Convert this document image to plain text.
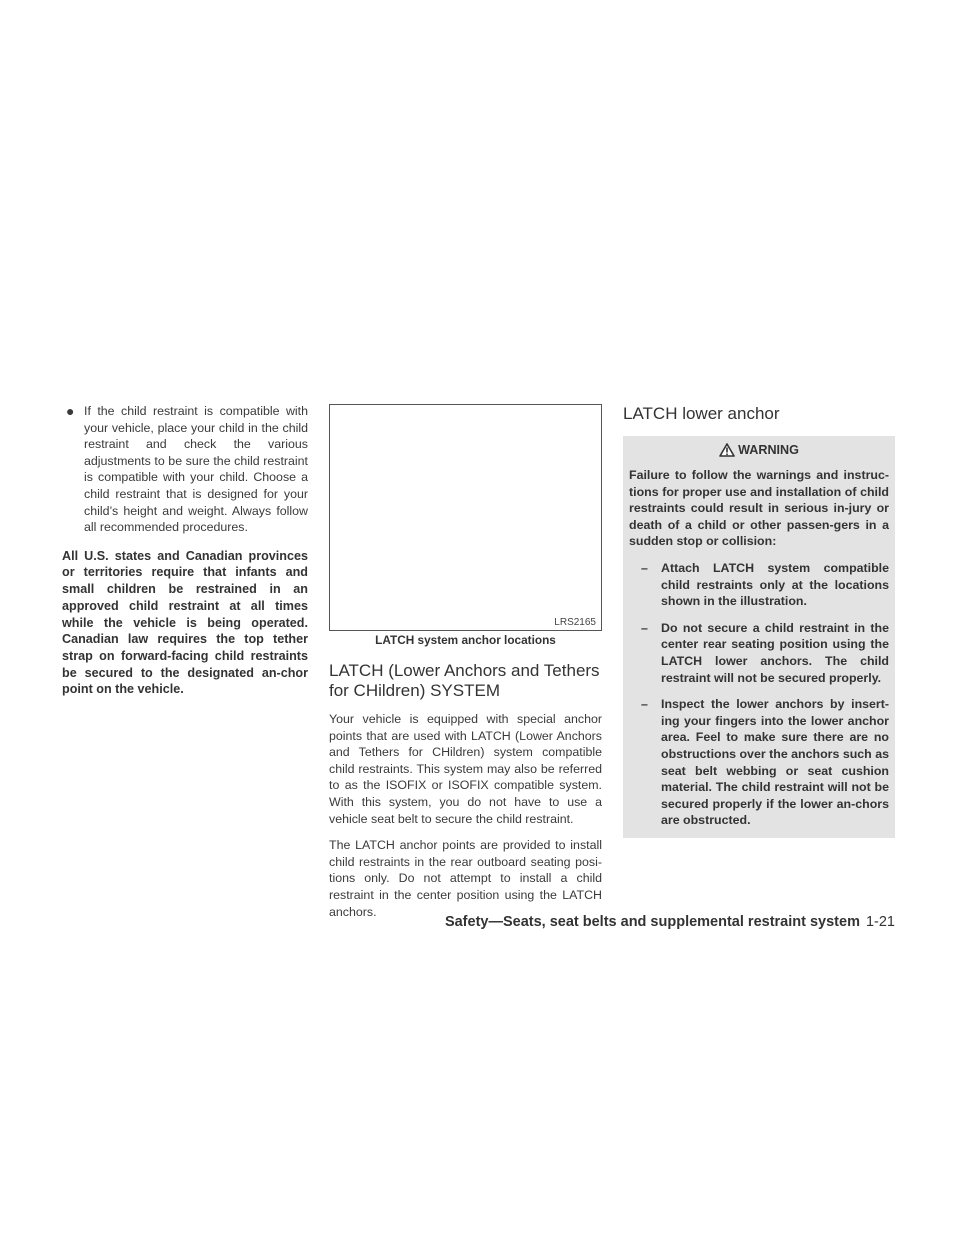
● If the child restraint is compatible with your vehicle, place your child in the child restraint and check the various adjustments to be sure the child restraint is compatible with your child. Choose a child restraint that is designed for your child’s height and weight. Always follow all recommended procedures.
All U.S. states and Canadian provinces or territories require that infants and small children be restrained in an approved child restraint at all times while the vehicle is being operated. Canadian law requires the top tether strap on forward-facing child restraints be secured to the designated an-chor point on the vehicle.
LRS2165
LATCH system anchor locations
LATCH (Lower Anchors and Tethers for CHildren) SYSTEM
Your vehicle is equipped with special anchor points that are used with LATCH (Lower Anchors and Tethers for CHildren) system compatible child restraints. This system may also be referred to as the ISOFIX or ISOFIX compatible system. With this system, you do not have to use a vehicle seat belt to secure the child restraint.
The LATCH anchor points are provided to install child restraints in the rear outboard seating posi-tions only. Do not attempt to install a child restraint in the center position using the LATCH anchors.
LATCH lower anchor
WARNING
Failure to follow the warnings and instruc-tions for proper use and installation of child restraints could result in serious in-jury or death of a child or other passen-gers in a sudden stop or collision:
– Attach LATCH system compatible child restraints only at the locations shown in the illustration.
– Do not secure a child restraint in the center rear seating position using the LATCH lower anchors. The child restraint will not be secured properly.
– Inspect the lower anchors by insert-ing your fingers into the lower anchor area. Feel to make sure there are no obstructions over the anchors such as seat belt webbing or seat cushion material. The child restraint will not be secured properly if the lower an-chors are obstructed.
Safety—Seats, seat belts and supplemental restraint system 1-21
